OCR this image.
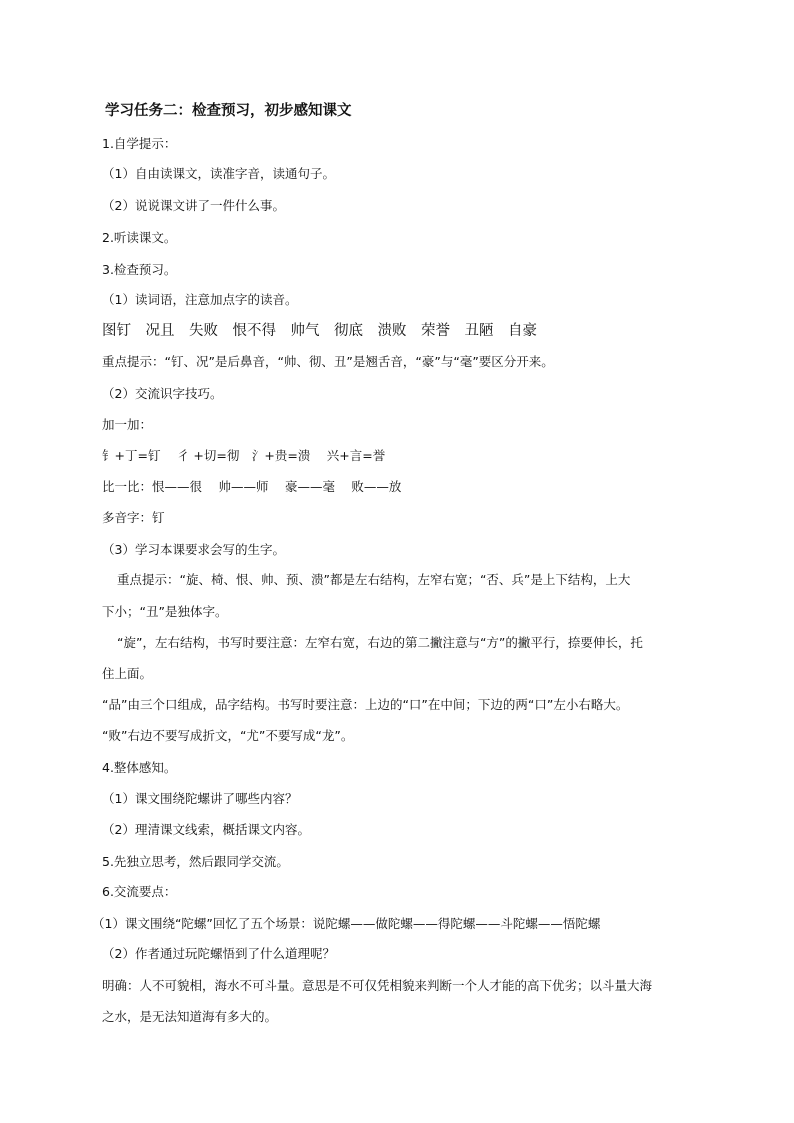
学习任务二：检查预习，初步感知课文
1.自学提示：
（1）自由读课文，读准字音，读通句子。
（2）说说课文讲了一件什么事。
2.听读课文。
3.检查预习。
（1）读词语，注意加点字的读音。
图钉　况且　失败　恨不得　帅气　彻底　溃败　荣誉　丑陋　自豪
重点提示：“钉、况”是后鼻音，“帅、彻、丑”是翘舌音，“豪”与“毫”要区分开来。
（2）交流识字技巧。
加一加：
钅+丁=钉　 彳 +切=彻　氵+贵=溃　 兴+言=誉
比一比：恨——很　 帅——师　 豪——毫　 败——放
多音字：钉
（3）学习本课要求会写的生字。
重点提示：“旋、椅、恨、帅、预、溃”都是左右结构，左窄右宽；“否、兵”是上下结构，上大
下小；“丑”是独体字。
“旋”，左右结构，书写时要注意：左窄右宽，右边的第二撇注意与“方”的撇平行，捺要伸长，托
住上面。
“品”由三个口组成，品字结构。书写时要注意：上边的“口”在中间；下边的两“口”左小右略大。
“败”右边不要写成折文，“尤”不要写成“龙”。
4.整体感知。
（1）课文围绕陀螺讲了哪些内容？
（2）理清课文线索，概括课文内容。
5.先独立思考，然后跟同学交流。
6.交流要点：
（1）课文围绕“陀螺”回忆了五个场景：说陀螺——做陀螺——得陀螺——斗陀螺——悟陀螺
（2）作者通过玩陀螺悟到了什么道理呢？
明确：人不可貌相，海水不可斗量。意思是不可仅凭相貌来判断一个人才能的高下优劣；以斗量大海
之水，是无法知道海有多大的。
